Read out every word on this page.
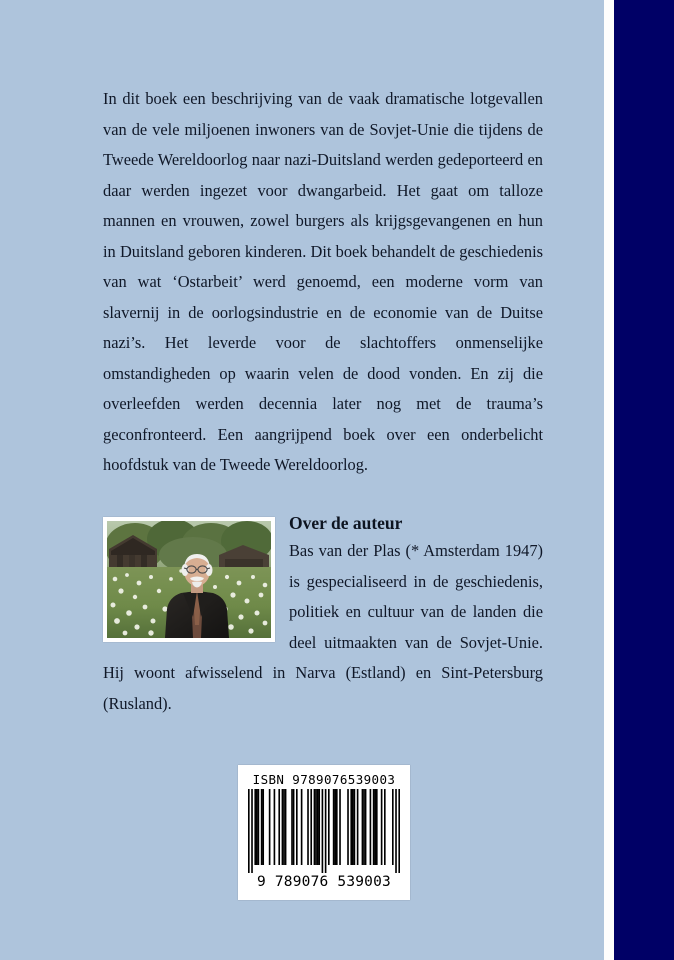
In dit boek een beschrijving van de vaak dramatische lotgevallen van de vele miljoenen inwoners van de Sovjet-Unie die tijdens de Tweede Wereldoorlog naar nazi-Duitsland werden gedeporteerd en daar werden ingezet voor dwangarbeid. Het gaat om talloze mannen en vrouwen, zowel burgers als krijgsgevangenen en hun in Duitsland geboren kinderen. Dit boek behandelt de geschiedenis van wat ‘Ostarbeit’ werd genoemd, een moderne vorm van slavernij in de oorlogsindustrie en de economie van de Duitse nazi’s. Het leverde voor de slachtoffers onmenselijke omstandigheden op waarin velen de dood vonden. En zij die overleefden werden decennia later nog met de trauma’s geconfronteerd. Een aangrijpend boek over een onderbelicht hoofdstuk van de Tweede Wereldoorlog.
Over de auteur
Bas van der Plas (* Amsterdam 1947) is gespecialiseerd in de geschiedenis, politiek en cultuur van de landen die deel uitmaakten van de Sovjet-Unie. Hij woont afwisselend in Narva (Estland) en Sint-Petersburg (Rusland).
ISBN 9789076539003
9 789076 539003
